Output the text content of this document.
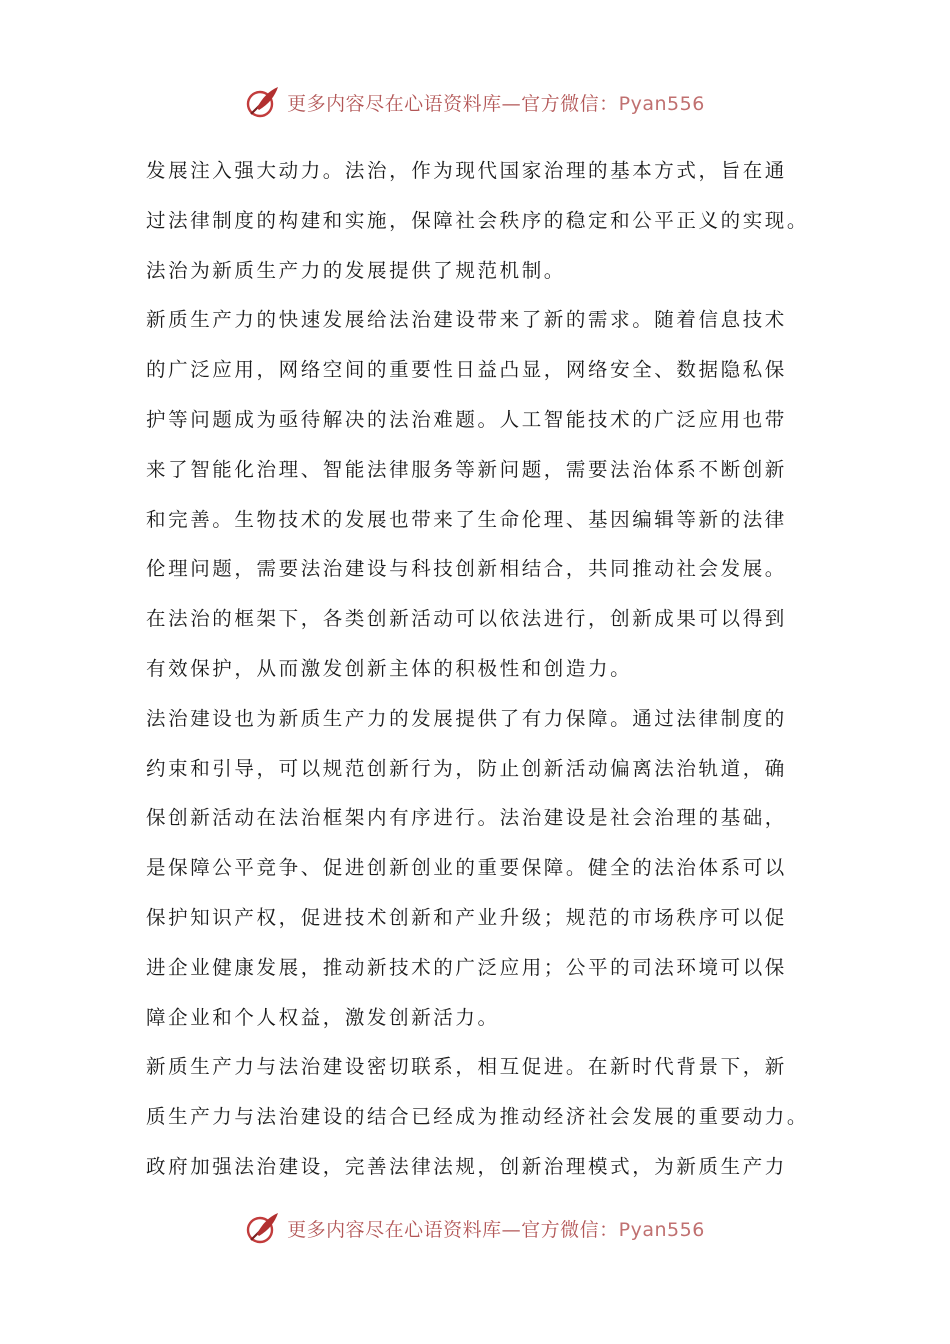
更多内容尽在心语资料库—官方微信：Pyan556
发展注入强大动力。法治，作为现代国家治理的基本方式，旨在通
过法律制度的构建和实施，保障社会秩序的稳定和公平正义的实现。
法治为新质生产力的发展提供了规范机制。
新质生产力的快速发展给法治建设带来了新的需求。随着信息技术
的广泛应用，网络空间的重要性日益凸显，网络安全、数据隐私保
护等问题成为亟待解决的法治难题。人工智能技术的广泛应用也带
来了智能化治理、智能法律服务等新问题，需要法治体系不断创新
和完善。生物技术的发展也带来了生命伦理、基因编辑等新的法律
伦理问题，需要法治建设与科技创新相结合，共同推动社会发展。
在法治的框架下，各类创新活动可以依法进行，创新成果可以得到
有效保护，从而激发创新主体的积极性和创造力。
法治建设也为新质生产力的发展提供了有力保障。通过法律制度的
约束和引导，可以规范创新行为，防止创新活动偏离法治轨道，确
保创新活动在法治框架内有序进行。法治建设是社会治理的基础，
是保障公平竞争、促进创新创业的重要保障。健全的法治体系可以
保护知识产权，促进技术创新和产业升级；规范的市场秩序可以促
进企业健康发展，推动新技术的广泛应用；公平的司法环境可以保
障企业和个人权益，激发创新活力。
新质生产力与法治建设密切联系，相互促进。在新时代背景下，新
质生产力与法治建设的结合已经成为推动经济社会发展的重要动力。
政府加强法治建设，完善法律法规，创新治理模式，为新质生产力
更多内容尽在心语资料库—官方微信：Pyan556
